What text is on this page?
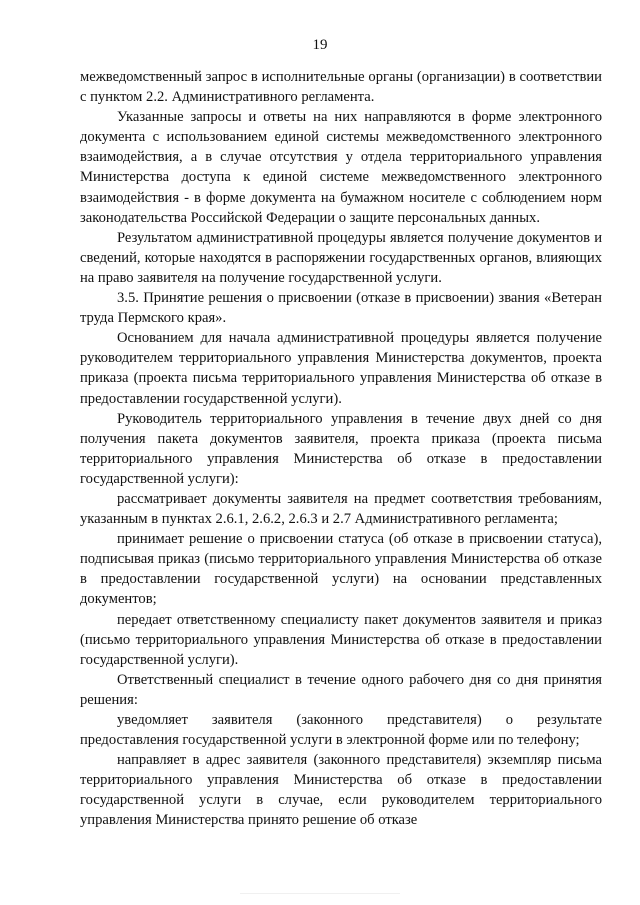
19

межведомственный запрос в исполнительные органы (организации) в соответствии с пунктом 2.2. Административного регламента.

Указанные запросы и ответы на них направляются в форме электронного документа с использованием единой системы межведомственного электронного взаимодействия, а в случае отсутствия у отдела территориального управления Министерства доступа к единой системе межведомственного электронного взаимодействия - в форме документа на бумажном носителе с соблюдением норм законодательства Российской Федерации о защите персональных данных.

Результатом административной процедуры является получение документов и сведений, которые находятся в распоряжении государственных органов, влияющих на право заявителя на получение государственной услуги.

3.5. Принятие решения о присвоении (отказе в присвоении) звания «Ветеран труда Пермского края».

Основанием для начала административной процедуры является получение руководителем территориального управления Министерства документов, проекта приказа (проекта письма территориального управления Министерства об отказе в предоставлении государственной услуги).

Руководитель территориального управления в течение двух дней со дня получения пакета документов заявителя, проекта приказа (проекта письма территориального управления Министерства об отказе в предоставлении государственной услуги):

рассматривает документы заявителя на предмет соответствия требованиям, указанным в пунктах 2.6.1, 2.6.2, 2.6.3 и 2.7 Административного регламента;

принимает решение о присвоении статуса (об отказе в присвоении статуса), подписывая приказ (письмо территориального управления Министерства об отказе в предоставлении государственной услуги) на основании представленных документов;

передает ответственному специалисту пакет документов заявителя и приказ (письмо территориального управления Министерства об отказе в предоставлении государственной услуги).

Ответственный специалист в течение одного рабочего дня со дня принятия решения:

уведомляет заявителя (законного представителя) о результате предоставления государственной услуги в электронной форме или по телефону;

направляет в адрес заявителя (законного представителя) экземпляр письма территориального управления Министерства об отказе в предоставлении государственной услуги в случае, если руководителем территориального управления Министерства принято решение об отказе
